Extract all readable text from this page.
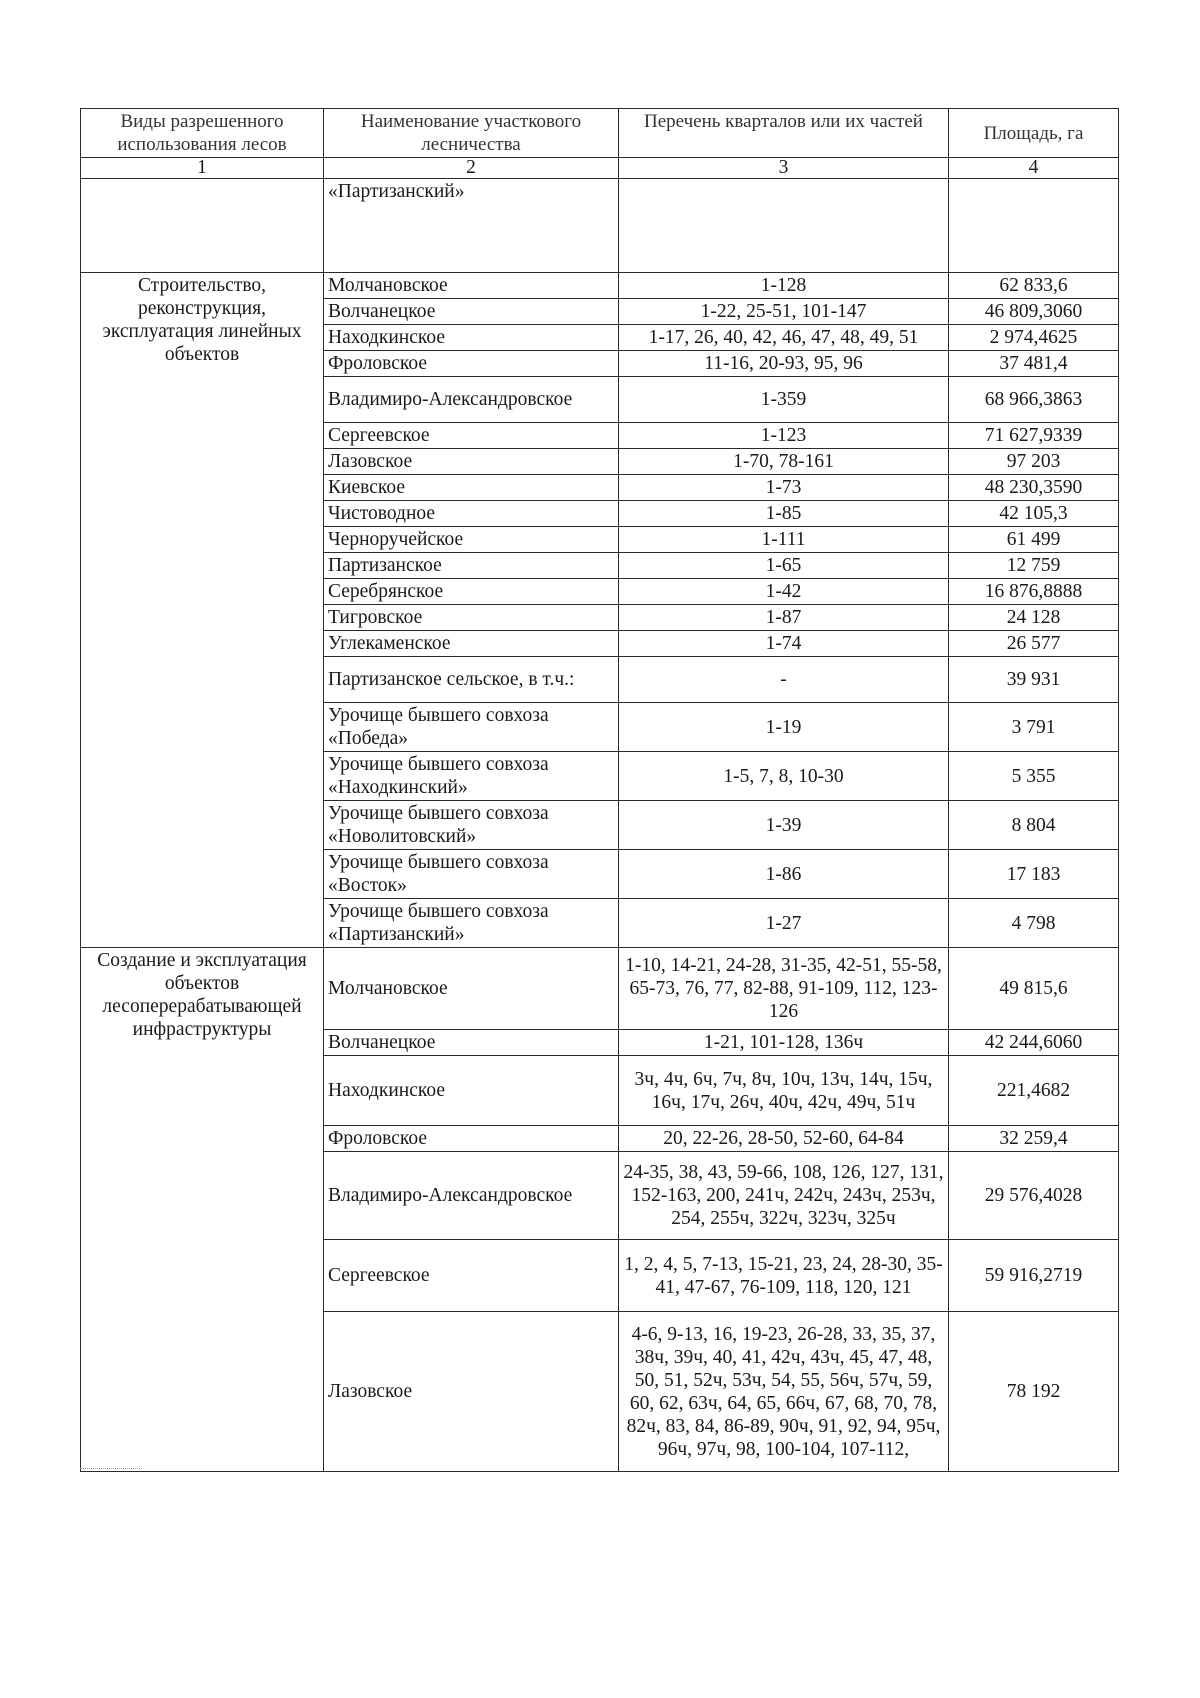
Виды разрешенного использования лесов	Наименование участкового лесничества	Перечень кварталов или их частей	Площадь, га
1	2	3	4
	«Партизанский»		
Строительство, реконструкция, эксплуатация линейных объектов	Молчановское	1-128	62 833,6
	Волчанецкое	1-22, 25-51, 101-147	46 809,3060
	Находкинское	1-17, 26, 40, 42, 46, 47, 48, 49, 51	2 974,4625
	Фроловское	11-16, 20-93, 95, 96	37 481,4
	Владимиро-Александровское	1-359	68 966,3863
	Сергеевское	1-123	71 627,9339
	Лазовское	1-70, 78-161	97 203
	Киевское	1-73	48 230,3590
	Чистоводное	1-85	42 105,3
	Черноручейское	1-111	61 499
	Партизанское	1-65	12 759
	Серебрянское	1-42	16 876,8888
	Тигровское	1-87	24 128
	Углекаменское	1-74	26 577
	Партизанское сельское, в т.ч.:	-	39 931
	Урочище бывшего совхоза «Победа»	1-19	3 791
	Урочище бывшего совхоза «Находкинский»	1-5, 7, 8, 10-30	5 355
	Урочище бывшего совхоза «Новолитовский»	1-39	8 804
	Урочище бывшего совхоза «Восток»	1-86	17 183
	Урочище бывшего совхоза «Партизанский»	1-27	4 798
Создание и эксплуатация объектов лесоперерабатывающей инфраструктуры	Молчановское	1-10, 14-21, 24-28, 31-35, 42-51, 55-58, 65-73, 76, 77, 82-88, 91-109, 112, 123-126	49 815,6
	Волчанецкое	1-21, 101-128, 136ч	42 244,6060
	Находкинское	3ч, 4ч, 6ч, 7ч, 8ч, 10ч, 13ч, 14ч, 15ч, 16ч, 17ч, 26ч, 40ч, 42ч, 49ч, 51ч	221,4682
	Фроловское	20, 22-26, 28-50, 52-60, 64-84	32 259,4
	Владимиро-Александровское	24-35, 38, 43, 59-66, 108, 126, 127, 131, 152-163, 200, 241ч, 242ч, 243ч, 253ч, 254, 255ч, 322ч, 323ч, 325ч	29 576,4028
	Сергеевское	1, 2, 4, 5, 7-13, 15-21, 23, 24, 28-30, 35-41, 47-67, 76-109, 118, 120, 121	59 916,2719
	Лазовское	4-6, 9-13, 16, 19-23, 26-28, 33, 35, 37, 38ч, 39ч, 40, 41, 42ч, 43ч, 45, 47, 48, 50, 51, 52ч, 53ч, 54, 55, 56ч, 57ч, 59, 60, 62, 63ч, 64, 65, 66ч, 67, 68, 70, 78, 82ч, 83, 84, 86-89, 90ч, 91, 92, 94, 95ч, 96ч, 97ч, 98, 100-104, 107-112,	78 192
